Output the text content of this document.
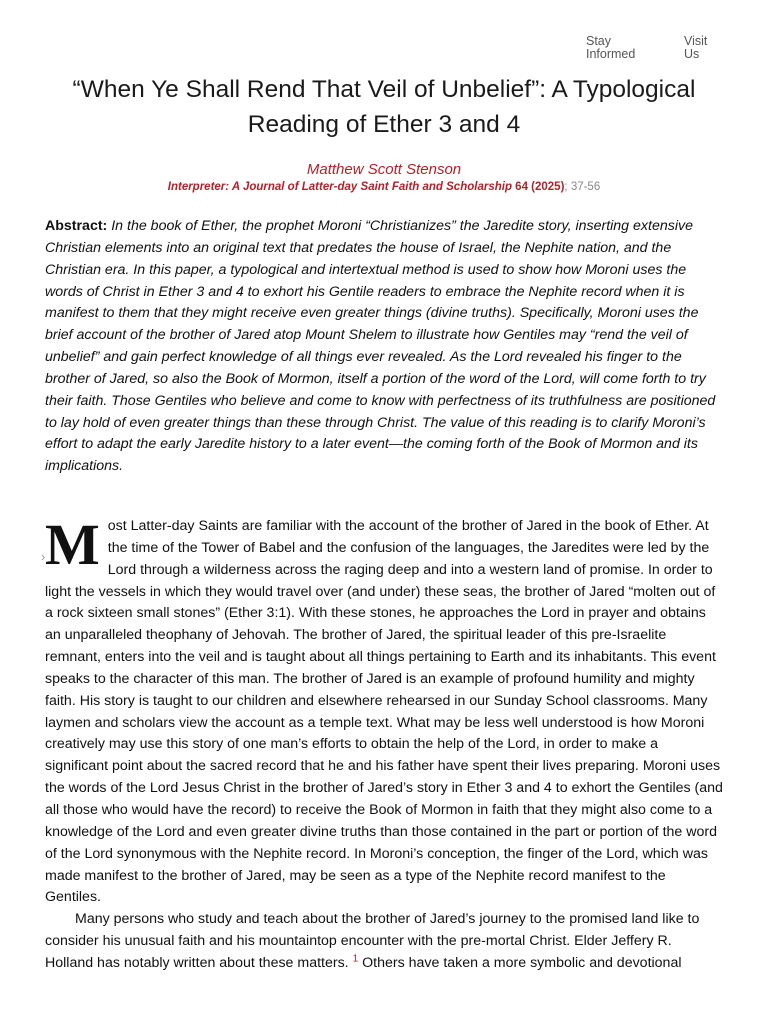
Stay Informed
Visit Us
“When Ye Shall Rend That Veil of Unbelief”: A Typological Reading of Ether 3 and 4
Matthew Scott Stenson
Interpreter: A Journal of Latter-day Saint Faith and Scholarship 64 (2025); 37-56

Abstract: In the book of Ether, the prophet Moroni “Christianizes” the Jaredite story, inserting extensive Christian elements into an original text that predates the house of Israel, the Nephite nation, and the Christian era. In this paper, a typological and intertextual method is used to show how Moroni uses the words of Christ in Ether 3 and 4 to exhort his Gentile readers to embrace the Nephite record when it is manifest to them that they might receive even greater things (divine truths). Specifically, Moroni uses the brief account of the brother of Jared atop Mount Shelem to illustrate how Gentiles may “rend the veil of unbelief” and gain perfect knowledge of all things ever revealed. As the Lord revealed his finger to the brother of Jared, so also the Book of Mormon, itself a portion of the word of the Lord, will come forth to try their faith. Those Gentiles who believe and come to know with perfectness of its truthfulness are positioned to lay hold of even greater things than these through Christ. The value of this reading is to clarify Moroni’s effort to adapt the early Jaredite history to a later event—the coming forth of the Book of Mormon and its implications.

› Most Latter-day Saints are familiar with the account of the brother of Jared in the book of Ether. At the time of the Tower of Babel and the confusion of the languages, the Jaredites were led by the Lord through a wilderness across the raging deep and into a western land of promise. In order to light the vessels in which they would travel over (and under) these seas, the brother of Jared “molten out of a rock sixteen small stones” (Ether 3:1). With these stones, he approaches the Lord in prayer and obtains an unparalleled theophany of Jehovah. The brother of Jared, the spiritual leader of this pre-Israelite remnant, enters into the veil and is taught about all things pertaining to Earth and its inhabitants. This event speaks to the character of this man. The brother of Jared is an example of profound humility and mighty faith. His story is taught to our children and elsewhere rehearsed in our Sunday School classrooms. Many laymen and scholars view the account as a temple text. What may be less well understood is how Moroni creatively may use this story of one man’s efforts to obtain the help of the Lord, in order to make a significant point about the sacred record that he and his father have spent their lives preparing. Moroni uses the words of the Lord Jesus Christ in the brother of Jared’s story in Ether 3 and 4 to exhort the Gentiles (and all those who would have the record) to receive the Book of Mormon in faith that they might also come to a knowledge of the Lord and even greater divine truths than those contained in the part or portion of the word of the Lord synonymous with the Nephite record. In Moroni’s conception, the finger of the Lord, which was made manifest to the brother of Jared, may be seen as a type of the Nephite record manifest to the Gentiles.

Many persons who study and teach about the brother of Jared’s journey to the promised land like to consider his unusual faith and his mountaintop encounter with the pre-mortal Christ. Elder Jeffery R. Holland has notably written about these matters. $^1$ Others have taken a more symbolic and devotional
